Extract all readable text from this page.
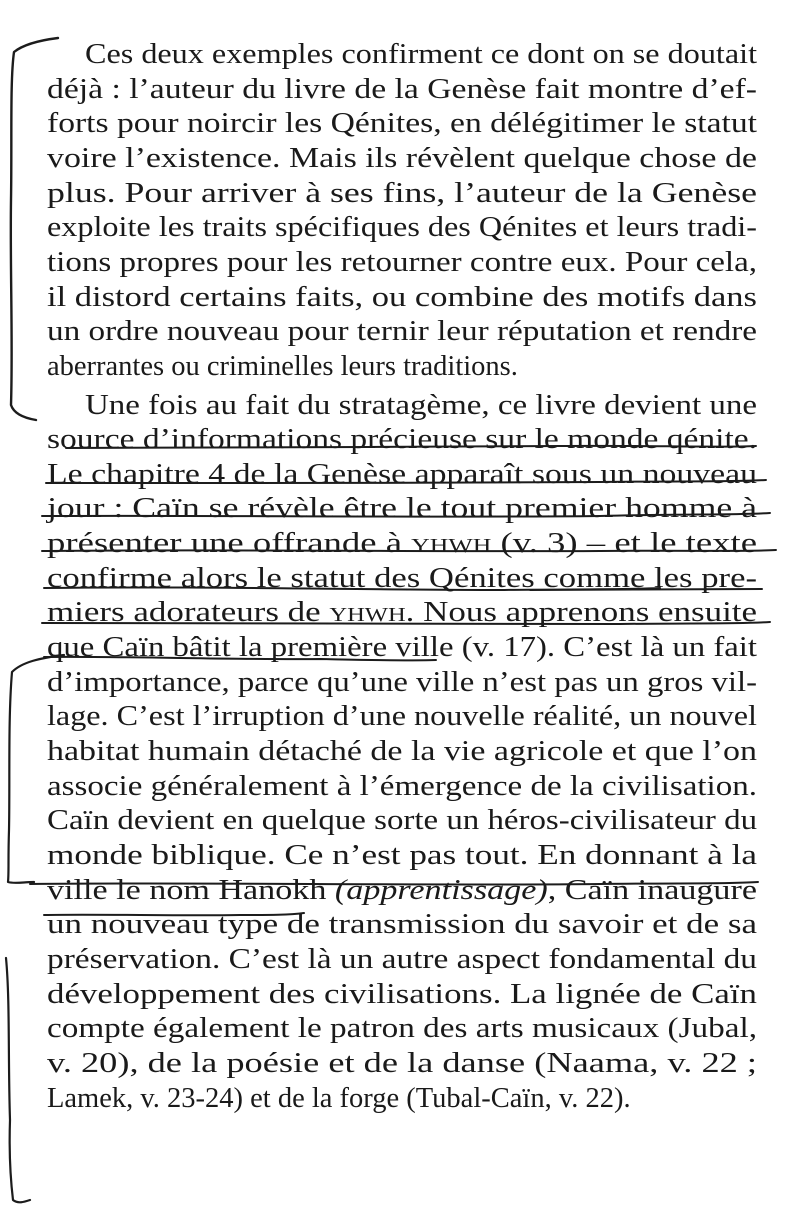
Ces deux exemples confirment ce dont on se doutait
déjà : l’auteur du livre de la Genèse fait montre d’ef-
forts pour noircir les Qénites, en délégitimer le statut
voire l’existence. Mais ils révèlent quelque chose de
plus. Pour arriver à ses fins, l’auteur de la Genèse
exploite les traits spécifiques des Qénites et leurs tradi-
tions propres pour les retourner contre eux. Pour cela,
il distord certains faits, ou combine des motifs dans
un ordre nouveau pour ternir leur réputation et rendre
aberrantes ou criminelles leurs traditions.
Une fois au fait du stratagème, ce livre devient une
source d’informations précieuse sur le monde qénite.
Le chapitre 4 de la Genèse apparaît sous un nouveau
jour : Caïn se révèle être le tout premier homme à
présenter une offrande à yhwh (v. 3) – et le texte
confirme alors le statut des Qénites comme les pre-
miers adorateurs de yhwh. Nous apprenons ensuite
que Caïn bâtit la première ville (v. 17). C’est là un fait
d’importance, parce qu’une ville n’est pas un gros vil-
lage. C’est l’irruption d’une nouvelle réalité, un nouvel
habitat humain détaché de la vie agricole et que l’on
associe généralement à l’émergence de la civilisation.
Caïn devient en quelque sorte un héros-civilisateur du
monde biblique. Ce n’est pas tout. En donnant à la
ville le nom Hanokh (apprentissage), Caïn inaugure
un nouveau type de transmission du savoir et de sa
préservation. C’est là un autre aspect fondamental du
développement des civilisations. La lignée de Caïn
compte également le patron des arts musicaux (Jubal,
v. 20), de la poésie et de la danse (Naama, v. 22 ;
Lamek, v. 23-24) et de la forge (Tubal-Caïn, v. 22).
